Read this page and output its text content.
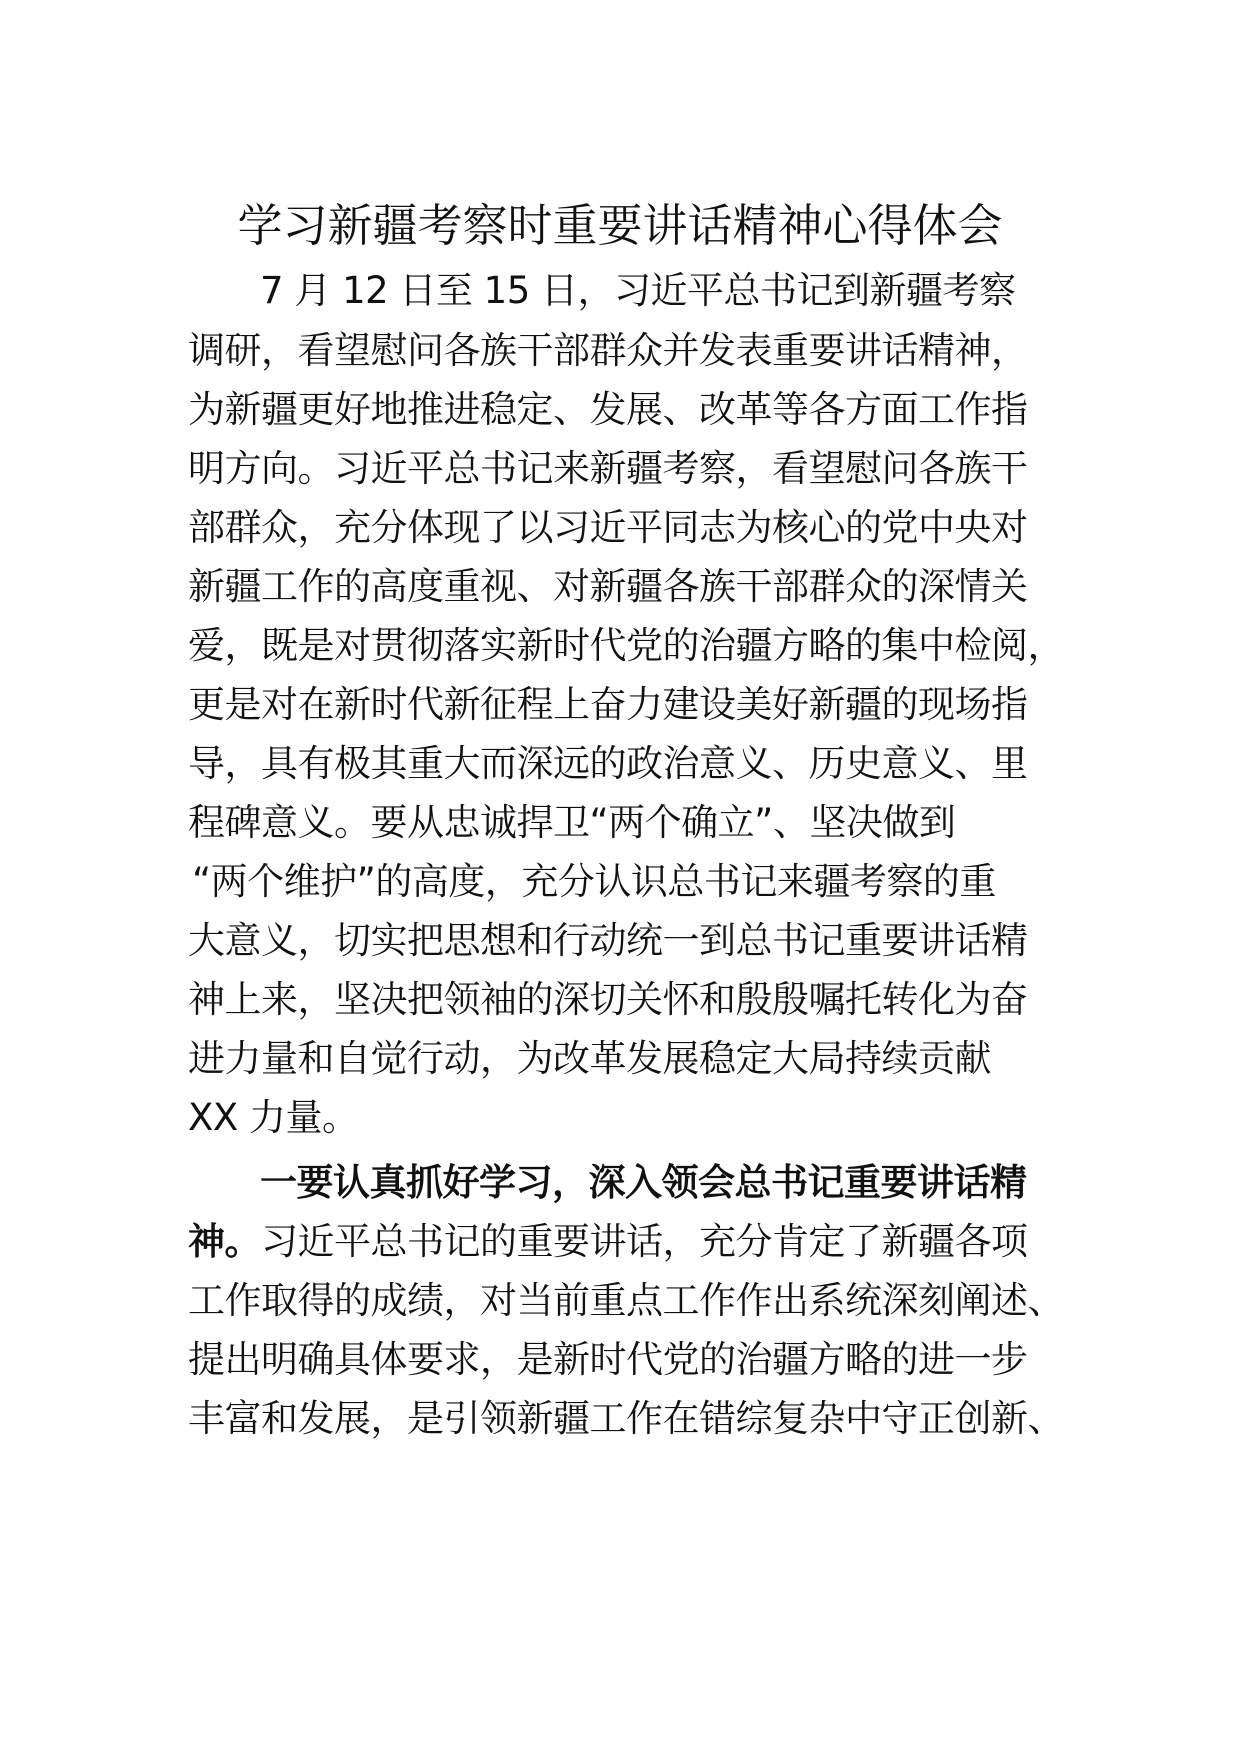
学习新疆考察时重要讲话精神心得体会
7 月 12 日至 15 日，习近平总书记到新疆考察
调研，看望慰问各族干部群众并发表重要讲话精神，
为新疆更好地推进稳定、发展、改革等各方面工作指
明方向。习近平总书记来新疆考察，看望慰问各族干
部群众，充分体现了以习近平同志为核心的党中央对
新疆工作的高度重视、对新疆各族干部群众的深情关
爱，既是对贯彻落实新时代党的治疆方略的集中检阅，
更是对在新时代新征程上奋力建设美好新疆的现场指
导，具有极其重大而深远的政治意义、历史意义、里
程碑意义。要从忠诚捍卫“两个确立”、坚决做到
“两个维护”的高度，充分认识总书记来疆考察的重
大意义，切实把思想和行动统一到总书记重要讲话精
神上来，坚决把领袖的深切关怀和殷殷嘱托转化为奋
进力量和自觉行动，为改革发展稳定大局持续贡献
XX 力量。
一要认真抓好学习，深入领会总书记重要讲话精
神。习近平总书记的重要讲话，充分肯定了新疆各项
工作取得的成绩，对当前重点工作作出系统深刻阐述、
提出明确具体要求，是新时代党的治疆方略的进一步
丰富和发展，是引领新疆工作在错综复杂中守正创新、
